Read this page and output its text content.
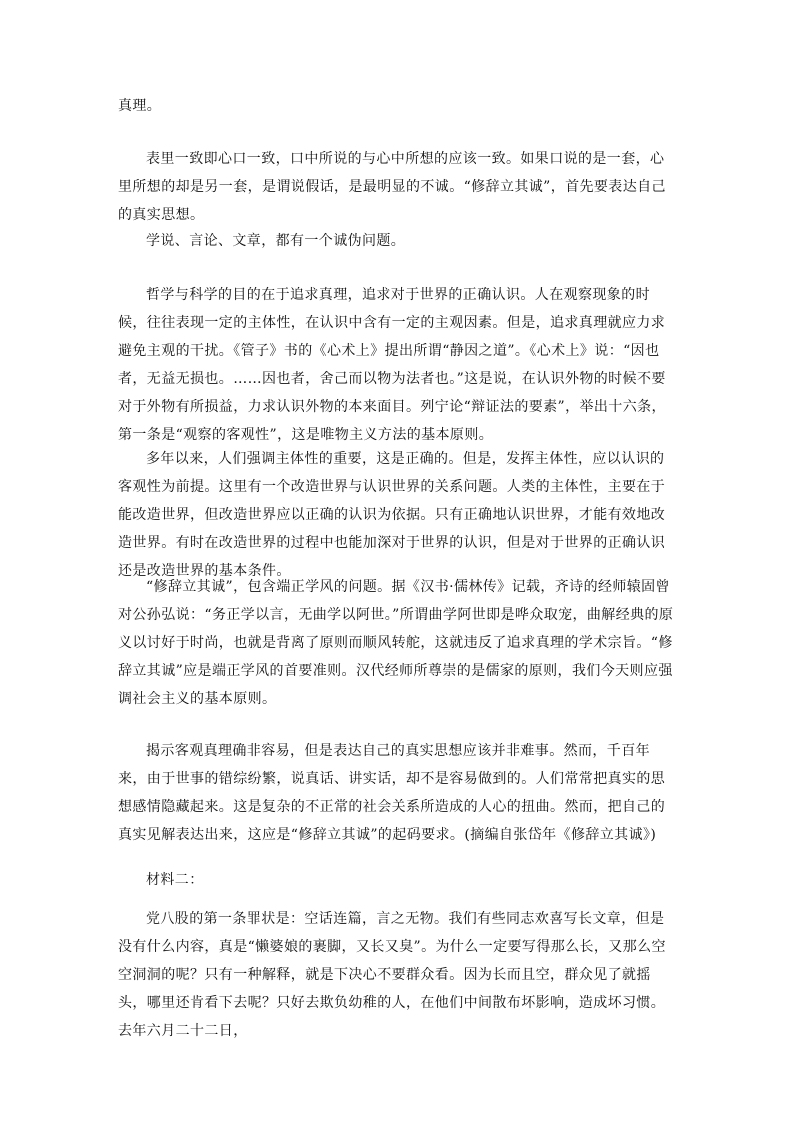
真理。

表里一致即心口一致，口中所说的与心中所想的应该一致。如果口说的是一套，心里所想的却是另一套，是谓说假话，是最明显的不诚。“修辞立其诚”，首先要表达自己的真实思想。

学说、言论、文章，都有一个诚伪问题。

哲学与科学的目的在于追求真理，追求对于世界的正确认识。人在观察现象的时候，往往表现一定的主体性，在认识中含有一定的主观因素。但是，追求真理就应力求避免主观的干扰。《管子》书的《心术上》提出所谓“静因之道”。《心术上》说：“因也者，无益无损也。……因也者，舍己而以物为法者也。”这是说，在认识外物的时候不要对于外物有所损益，力求认识外物的本来面目。列宁论“辩证法的要素”，举出十六条，第一条是“观察的客观性”，这是唯物主义方法的基本原则。

多年以来，人们强调主体性的重要，这是正确的。但是，发挥主体性，应以认识的客观性为前提。这里有一个改造世界与认识世界的关系问题。人类的主体性，主要在于能改造世界，但改造世界应以正确的认识为依据。只有正确地认识世界，才能有效地改造世界。有时在改造世界的过程中也能加深对于世界的认识，但是对于世界的正确认识还是改造世界的基本条件。

“修辞立其诚”，包含端正学风的问题。据《汉书·儒林传》记载，齐诗的经师辕固曾对公孙弘说：“务正学以言，无曲学以阿世。”所谓曲学阿世即是哗众取宠，曲解经典的原义以讨好于时尚，也就是背离了原则而顺风转舵，这就违反了追求真理的学术宗旨。“修辞立其诚”应是端正学风的首要准则。汉代经师所尊崇的是儒家的原则，我们今天则应强调社会主义的基本原则。

揭示客观真理确非容易，但是表达自己的真实思想应该并非难事。然而，千百年来，由于世事的错综纷繁，说真话、讲实话，却不是容易做到的。人们常常把真实的思想感情隐藏起来。这是复杂的不正常的社会关系所造成的人心的扭曲。然而，把自己的真实见解表达出来，这应是“修辞立其诚”的起码要求。(摘编自张岱年《修辞立其诚》)

材料二：

党八股的第一条罪状是：空话连篇，言之无物。我们有些同志欢喜写长文章，但是没有什么内容，真是“懒婆娘的裹脚，又长又臭”。为什么一定要写得那么长，又那么空空洞洞的呢？只有一种解释，就是下决心不要群众看。因为长而且空，群众见了就摇头，哪里还肯看下去呢？只好去欺负幼稚的人，在他们中间散布坏影响，造成坏习惯。去年六月二十二日，
